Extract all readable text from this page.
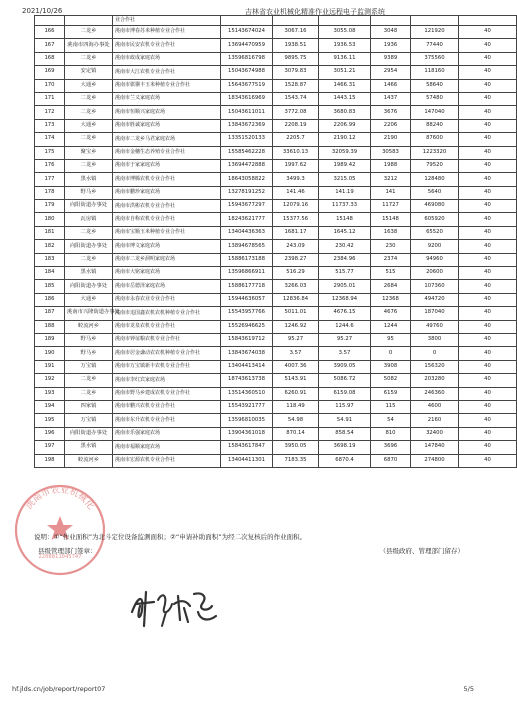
2021/10/26	吉林省农业机械化精准作业远程电子监测系统
		业合作社						
166	二龙乡	洮南市博春苏米种植专业合作社	15143674024	3067.16	3055.08	3048	121920	40
167	洮南市四海办事处	洮南市民安农机专业合作社	13694470959	1938.51	1936.53	1936	77440	40
168	二龙乡	洮南市政成家庭农场	13596816798	9895.75	9136.11	9389	375560	40
169	安定镇	洮南市大江农机专业合作社	15043674988	3079.83	3051.21	2954	118160	40
170	大通乡	洮南市骐骥丰玉米种植专业合作社	15643677519	1528.87	1466.31	1466	58640	40
171	二龙乡	洮南市兰义家庭农场	18343616969	1543.74	1443.15	1437	57480	40
172	二龙乡	洮南市恒顺兴家庭农场	15043611011	3772.08	3680.83	3676	147040	40
173	大通乡	洮南市胜诚家庭农场	13843672369	2208.19	2206.99	2206	88240	40
174	二龙乡	洮南市二龙乡马君家庭农场	13351520133	2205.7	2190.12	2190	87600	40
175	聚宝乡	洮南市金穗生态养殖专业合作社	15585462228	33610.13	32059.39	30583	1223320	40
176	二龙乡	洮南市于家家庭农场	13694472888	1997.62	1989.42	1988	79520	40
177	黑水镇	洮南市博腾农机专业合作社	18643058822	3499.3	3215.05	3212	128480	40
178	野马乡	洮南市鹏珍家庭农场	13278191252	141.46	141.19	141	5640	40
179	向阳街道办事处	洮南市洪彬农机专业合作社	15943677297	12079.16	11737.33	11727	469080	40
180	瓦房镇	洮南市自称农机专业合作社	18243621777	15377.56	15148	15148	605920	40
181	二龙乡	洮南市宝顺玉米种植专业合作社	13404436363	1681.17	1645.12	1638	65520	40
182	向阳街道办事处	洮南市博文家庭农场	13894678565	243.09	230.42	230	9200	40
183	二龙乡	洮南市二龙乡洞明家庭农场	15886173188	2398.27	2384.96	2374	94960	40
184	黑水镇	洮南市大铭家庭农场	13596866911	516.29	515.77	515	20600	40
185	向阳街道办事处	洮南市岳德泽家庭农场	15886177718	3266.03	2905.01	2684	107360	40
186	大通乡	洮南市永春农业专业合作社	15944636057	12836.84	12368.94	12368	494720	40
187	洮南市兴隆街道办事处	洮南市追国鑫农机农机种植专业合作社	15543957766	5011.01	4676.15	4676	187040	40
188	蛟流河乡	洮南市龙泉农机专业合作社	15526946625	1246.92	1244.6	1244	49760	40
189	野马乡	洮南市钟谊粮农机专业合作社	15843619712	95.27	95.27	95	3800	40
190	野马乡	洮南市居金谦动农农机种植专业合作社	13843674038	3.57	3.57	0	0	40
191	万宝镇	洮南市万宝镇新丰农机专业合作社	13404413414	4007.36	3909.05	3908	156320	40
192	二龙乡	洮南市李红宾家庭农场	18743613738	5143.91	5086.72	5082	203280	40
193	二龙乡	洮南市野马乡建成农机专业合作社	13514360510	6260.91	6159.08	6159	246360	40
194	四家镇	洮南市鹏兴农机专业合作社	15543921777	118.49	115.97	115	4600	40
195	万宝镇	洮南市东升农机专业合作社	13596810035	54.98	54.91	54	2160	40
196	向阳街道办事处	洮南市乐强家庭农场	13904361018	870.14	858.54	810	32400	40
197	黑水镇	洮南市福顺家庭农场	15843617847	3950.05	3698.19	3696	147840	40
198	蛟流河乡	洮南市宏源农机专业合作社	13404411301	7183.35	6870.4	6870	274800	40
洮南市农业机械化
2208811045747
说明：①“作业面积”为北斗定位设备监测面积；②“申请补助面积”为经二次复核后的作业面积。
县级管理部门签章：	（县级政府、管理部门留存）
hf.jlds.cn/job/report/report07	5/5
